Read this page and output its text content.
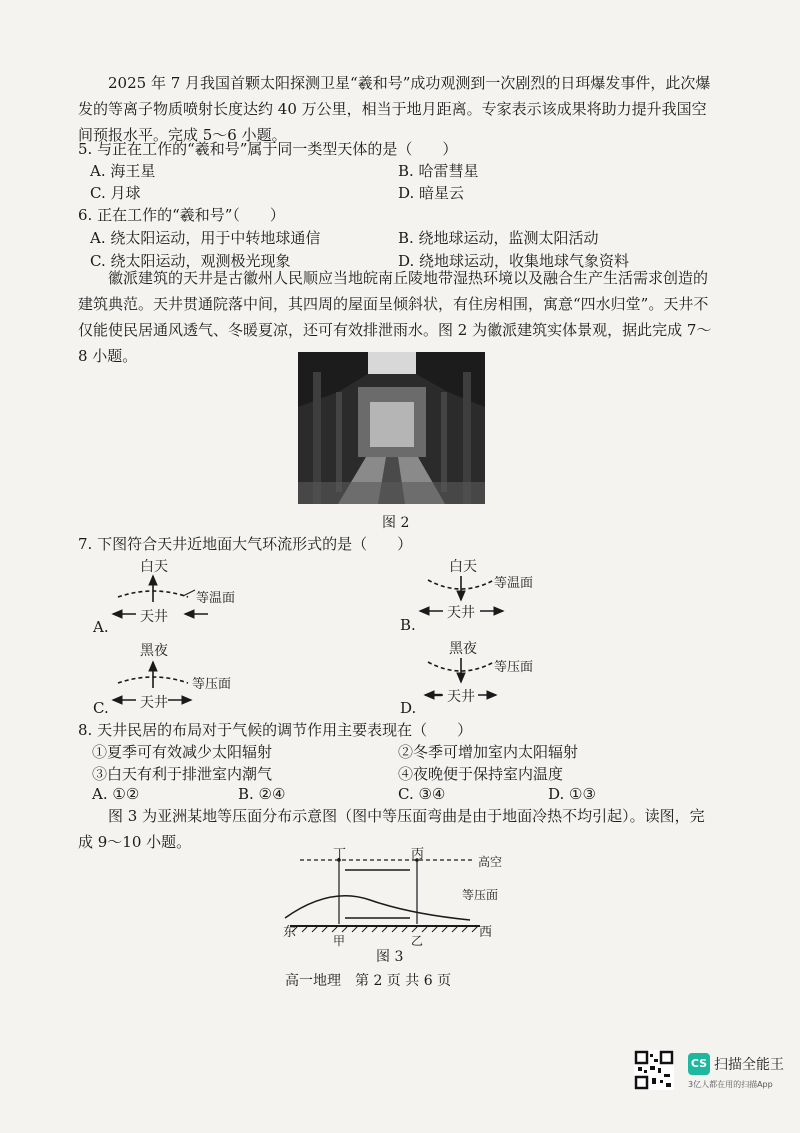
2025 年 7 月我国首颗太阳探测卫星“羲和号”成功观测到一次剧烈的日珥爆发事件，此次爆发的等离子物质喷射长度达约 40 万公里，相当于地月距离。专家表示该成果将助力提升我国空间预报水平。完成 5～6 小题。
5. 与正在工作的“羲和号”属于同一类型天体的是（　　）
A. 海王星	B. 哈雷彗星
C. 月球	D. 暗星云
6. 正在工作的“羲和号”（　　）
A. 绕太阳运动，用于中转地球通信	B. 绕地球运动，监测太阳活动
C. 绕太阳运动，观测极光现象	D. 绕地球运动，收集地球气象资料
徽派建筑的天井是古徽州人民顺应当地皖南丘陵地带湿热环境以及融合生产生活需求创造的建筑典范。天井贯通院落中间，其四周的屋面呈倾斜状，有住房相围，寓意“四水归堂”。天井不仅能使民居通风透气、冬暖夏凉，还可有效排泄雨水。图 2 为徽派建筑实体景观，据此完成 7～8 小题。
图 2
7. 下图符合天井近地面大气环流形式的是（　　）
白天
等温面
天井
A.
白天
等温面
天井
B.
黑夜
等压面
天井
C.
黑夜
等压面
天井
D.
8. 天井民居的布局对于气候的调节作用主要表现在（　　）
①夏季可有效减少太阳辐射	②冬季可增加室内太阳辐射
③白天有利于排泄室内潮气	④夜晚便于保持室内温度
A. ①②	B. ②④	C. ③④	D. ①③
图 3 为亚洲某地等压面分布示意图（图中等压面弯曲是由于地面冷热不均引起）。读图，完成 9～10 小题。
丁	丙	高空
等压面
东	西
甲	乙
图 3
高一地理　第 2 页 共 6 页
CS 扫描全能王
3亿人都在用的扫描App
